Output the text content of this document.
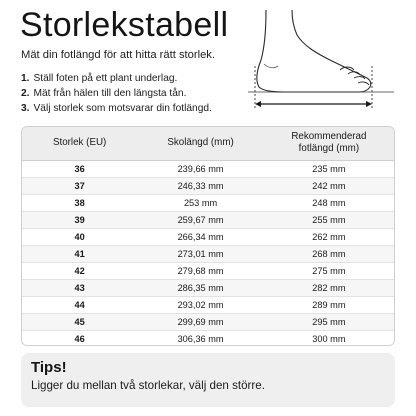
Storlekstabell
Mät din fotlängd för att hitta rätt storlek.
1. Ställ foten på ett plant underlag.
2. Mät från hälen till den längsta tån.
3. Välj storlek som motsvarar din fotlängd.
Storlek (EU)	Skolängd (mm)	Rekommenderad
fotlängd (mm)

36	239,66 mm	235 mm
37	246,33 mm	242 mm
38	253 mm	248 mm
39	259,67 mm	255 mm
40	266,34 mm	262 mm
41	273,01 mm	268 mm
42	279,68 mm	275 mm
43	286,35 mm	282 mm
44	293,02 mm	289 mm
45	299,69 mm	295 mm
46	306,36 mm	300 mm
Tips!
Ligger du mellan två storlekar, välj den större.
